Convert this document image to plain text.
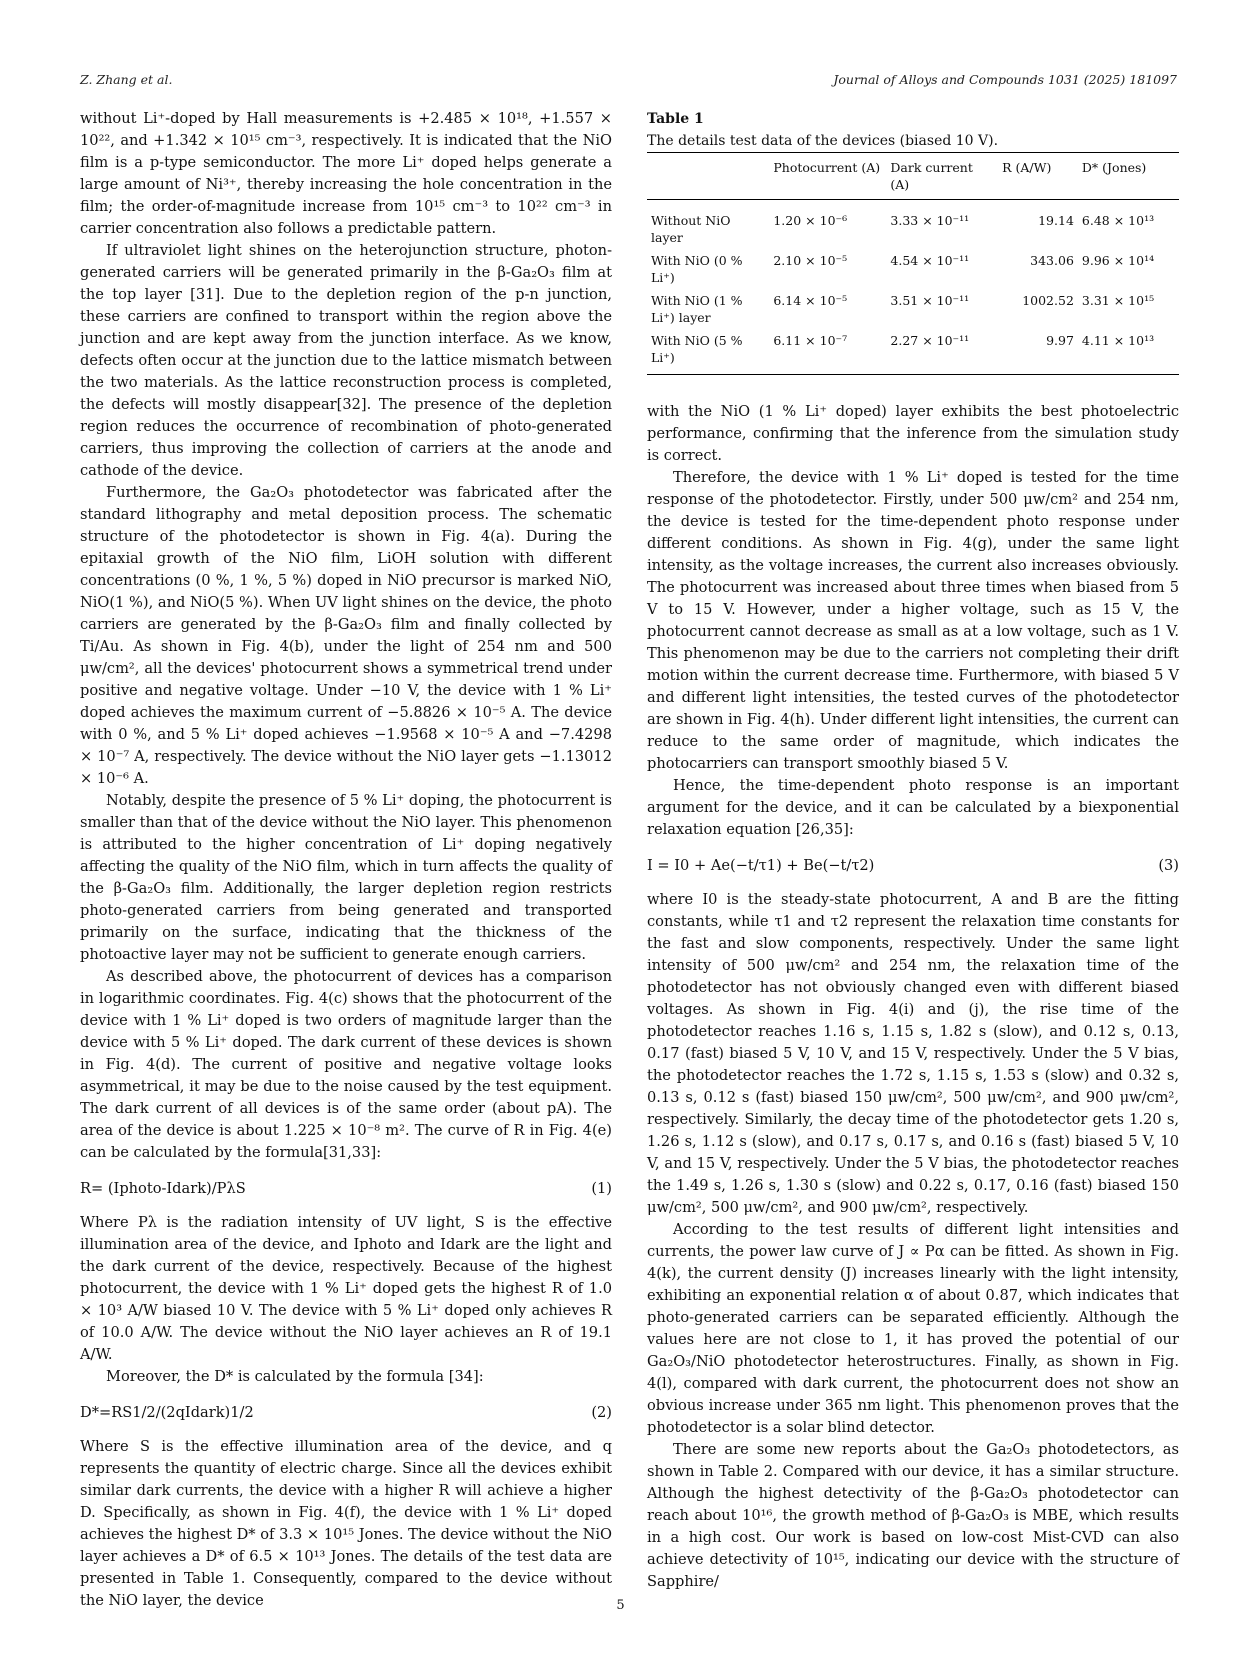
Z. Zhang et al.	Journal of Alloys and Compounds 1031 (2025) 181097

without Li⁺-doped by Hall measurements is +2.485 × 10¹⁸, +1.557 × 10²², and +1.342 × 10¹⁵ cm⁻³, respectively. It is indicated that the NiO film is a p-type semiconductor. The more Li⁺ doped helps generate a large amount of Ni³⁺, thereby increasing the hole concentration in the film; the order-of-magnitude increase from 10¹⁵ cm⁻³ to 10²² cm⁻³ in carrier concentration also follows a predictable pattern.

If ultraviolet light shines on the heterojunction structure, photon-generated carriers will be generated primarily in the β-Ga₂O₃ film at the top layer [31]. Due to the depletion region of the p-n junction, these carriers are confined to transport within the region above the junction and are kept away from the junction interface. As we know, defects often occur at the junction due to the lattice mismatch between the two materials. As the lattice reconstruction process is completed, the defects will mostly disappear[32]. The presence of the depletion region reduces the occurrence of recombination of photo-generated carriers, thus improving the collection of carriers at the anode and cathode of the device.

Furthermore, the Ga₂O₃ photodetector was fabricated after the standard lithography and metal deposition process. The schematic structure of the photodetector is shown in Fig. 4(a). During the epitaxial growth of the NiO film, LiOH solution with different concentrations (0 %, 1 %, 5 %) doped in NiO precursor is marked NiO, NiO(1 %), and NiO(5 %). When UV light shines on the device, the photo carriers are generated by the β-Ga₂O₃ film and finally collected by Ti/Au. As shown in Fig. 4(b), under the light of 254 nm and 500 μw/cm², all the devices' photocurrent shows a symmetrical trend under positive and negative voltage. Under −10 V, the device with 1 % Li⁺ doped achieves the maximum current of −5.8826 × 10⁻⁵ A. The device with 0 %, and 5 % Li⁺ doped achieves −1.9568 × 10⁻⁵ A and −7.4298 × 10⁻⁷ A, respectively. The device without the NiO layer gets −1.13012 × 10⁻⁶ A.

Notably, despite the presence of 5 % Li⁺ doping, the photocurrent is smaller than that of the device without the NiO layer. This phenomenon is attributed to the higher concentration of Li⁺ doping negatively affecting the quality of the NiO film, which in turn affects the quality of the β-Ga₂O₃ film. Additionally, the larger depletion region restricts photo-generated carriers from being generated and transported primarily on the surface, indicating that the thickness of the photoactive layer may not be sufficient to generate enough carriers.

As described above, the photocurrent of devices has a comparison in logarithmic coordinates. Fig. 4(c) shows that the photocurrent of the device with 1 % Li⁺ doped is two orders of magnitude larger than the device with 5 % Li⁺ doped. The dark current of these devices is shown in Fig. 4(d). The current of positive and negative voltage looks asymmetrical, it may be due to the noise caused by the test equipment. The dark current of all devices is of the same order (about pA). The area of the device is about 1.225 × 10⁻⁸ m². The curve of R in Fig. 4(e) can be calculated by the formula[31,33]:

R= (Iphoto-Idark)/PλS	(1)

Where Pλ is the radiation intensity of UV light, S is the effective illumination area of the device, and Iphoto and Idark are the light and the dark current of the device, respectively. Because of the highest photocurrent, the device with 1 % Li⁺ doped gets the highest R of 1.0 × 10³ A/W biased 10 V. The device with 5 % Li⁺ doped only achieves R of 10.0 A/W. The device without the NiO layer achieves an R of 19.1 A/W.

Moreover, the D* is calculated by the formula [34]:

D*=RS1/2/(2qIdark)1/2	(2)

Where S is the effective illumination area of the device, and q represents the quantity of electric charge. Since all the devices exhibit similar dark currents, the device with a higher R will achieve a higher D. Specifically, as shown in Fig. 4(f), the device with 1 % Li⁺ doped achieves the highest D* of 3.3 × 10¹⁵ Jones. The device without the NiO layer achieves a D* of 6.5 × 10¹³ Jones. The details of the test data are presented in Table 1. Consequently, compared to the device without the NiO layer, the device

Table 1

The details test data of the devices (biased 10 V).

	Photocurrent (A)	Dark current (A)	R (A/W)	D* (Jones)
Without NiO layer	1.20 × 10⁻⁶	3.33 × 10⁻¹¹	19.14	6.48 × 10¹³
With NiO (0 % Li⁺)	2.10 × 10⁻⁵	4.54 × 10⁻¹¹	343.06	9.96 × 10¹⁴
With NiO (1 % Li⁺) layer	6.14 × 10⁻⁵	3.51 × 10⁻¹¹	1002.52	3.31 × 10¹⁵
With NiO (5 % Li⁺)	6.11 × 10⁻⁷	2.27 × 10⁻¹¹	9.97	4.11 × 10¹³

with the NiO (1 % Li⁺ doped) layer exhibits the best photoelectric performance, confirming that the inference from the simulation study is correct.

Therefore, the device with 1 % Li⁺ doped is tested for the time response of the photodetector. Firstly, under 500 μw/cm² and 254 nm, the device is tested for the time-dependent photo response under different conditions. As shown in Fig. 4(g), under the same light intensity, as the voltage increases, the current also increases obviously. The photocurrent was increased about three times when biased from 5 V to 15 V. However, under a higher voltage, such as 15 V, the photocurrent cannot decrease as small as at a low voltage, such as 1 V. This phenomenon may be due to the carriers not completing their drift motion within the current decrease time. Furthermore, with biased 5 V and different light intensities, the tested curves of the photodetector are shown in Fig. 4(h). Under different light intensities, the current can reduce to the same order of magnitude, which indicates the photocarriers can transport smoothly biased 5 V.

Hence, the time-dependent photo response is an important argument for the device, and it can be calculated by a biexponential relaxation equation [26,35]:

I = I0 + Ae(−t/τ1) + Be(−t/τ2)	(3)

where I0 is the steady-state photocurrent, A and B are the fitting constants, while τ1 and τ2 represent the relaxation time constants for the fast and slow components, respectively. Under the same light intensity of 500 μw/cm² and 254 nm, the relaxation time of the photodetector has not obviously changed even with different biased voltages. As shown in Fig. 4(i) and (j), the rise time of the photodetector reaches 1.16 s, 1.15 s, 1.82 s (slow), and 0.12 s, 0.13, 0.17 (fast) biased 5 V, 10 V, and 15 V, respectively. Under the 5 V bias, the photodetector reaches the 1.72 s, 1.15 s, 1.53 s (slow) and 0.32 s, 0.13 s, 0.12 s (fast) biased 150 μw/cm², 500 μw/cm², and 900 μw/cm², respectively. Similarly, the decay time of the photodetector gets 1.20 s, 1.26 s, 1.12 s (slow), and 0.17 s, 0.17 s, and 0.16 s (fast) biased 5 V, 10 V, and 15 V, respectively. Under the 5 V bias, the photodetector reaches the 1.49 s, 1.26 s, 1.30 s (slow) and 0.22 s, 0.17, 0.16 (fast) biased 150 μw/cm², 500 μw/cm², and 900 μw/cm², respectively.

According to the test results of different light intensities and currents, the power law curve of J ∝ Pα can be fitted. As shown in Fig. 4(k), the current density (J) increases linearly with the light intensity, exhibiting an exponential relation α of about 0.87, which indicates that photo-generated carriers can be separated efficiently. Although the values here are not close to 1, it has proved the potential of our Ga₂O₃/NiO photodetector heterostructures. Finally, as shown in Fig. 4(l), compared with dark current, the photocurrent does not show an obvious increase under 365 nm light. This phenomenon proves that the photodetector is a solar blind detector.

There are some new reports about the Ga₂O₃ photodetectors, as shown in Table 2. Compared with our device, it has a similar structure. Although the highest detectivity of the β-Ga₂O₃ photodetector can reach about 10¹⁶, the growth method of β-Ga₂O₃ is MBE, which results in a high cost. Our work is based on low-cost Mist-CVD can also achieve detectivity of 10¹⁵, indicating our device with the structure of Sapphire/

5
